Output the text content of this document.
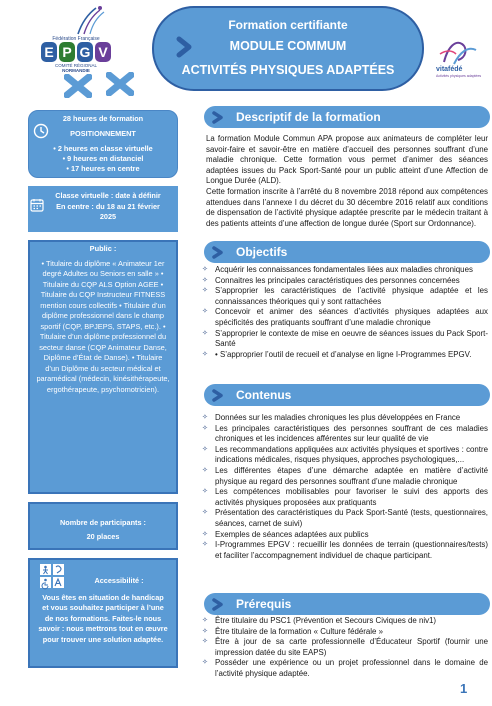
Fédération Française
E P G V
COMITÉ RÉGIONAL
NORMANDIE
Formation certifiante
MODULE COMMUM
ACTIVITÉS PHYSIQUES ADAPTÉES	vitafédé
Activités physiques adaptées
28 heures de formation
POSITIONNEMENT
• 2 heures en classe virtuelle
• 9 heures en distanciel
• 17 heures en centre
Classe virtuelle : date à définir
En centre : du 18 au 21 février
2025
Public :
• Titulaire du diplôme « Animateur 1er degré Adultes ou Seniors en salle » • Titulaire du CQP ALS Option AGEE • Titulaire du CQP Instructeur FITNESS mention cours collectifs • Titulaire d’un diplôme professionnel dans le champ sportif (CQP, BPJEPS, STAPS, etc.). • Titulaire d’un diplôme professionnel du secteur danse (CQP Animateur Danse, Diplôme d’État de Danse). • Titulaire d’un Diplôme du secteur médical et paramédical (médecin, kinésithérapeute, ergothérapeute, psychomotricien).
Nombre de participants :
20 places
Accessibilité :
Vous êtes en situation de handicap et vous souhaitez participer à l’une de nos formations. Faites-le nous savoir : nous mettrons tout en œuvre pour trouver une solution adaptée.
Descriptif de la formation
La formation Module Commun APA propose aux animateurs de compléter leur savoir-faire et savoir-être en matière d’accueil des personnes souffrant d’une maladie chronique. Cette formation vous permet d’animer des séances adaptées issues du Pack Sport-Santé pour un public atteint d’une Affection de Longue Durée (ALD).
Cette formation inscrite à l’arrêté du 8 novembre 2018 répond aux compétences attendues dans l’annexe I du décret du 30 décembre 2016 relatif aux conditions de dispensation de l’activité physique adaptée prescrite par le médecin traitant à des patients atteints d’une affection de longue durée (Sport sur Ordonnance).
Objectifs
✧ Acquérir les connaissances fondamentales liées aux maladies chroniques
✧ Connaitres les principales caractéristiques des personnes concernées
✧ S’approprier les caractéristiques de l’activité physique adaptée et les connaissances théoriques qui y sont rattachées
✧ Concevoir et animer des séances d’activités physiques adaptées aux spécificités des pratiquants souffrant d’une maladie chronique
✧ S’approprier le contexte de mise en oeuvre de séances issues du Pack Sport-Santé
✧ • S’approprier l’outil de recueil et d’analyse en ligne I-Programmes EPGV.
Contenus
✧ Données sur les maladies chroniques les plus développées en France
✧ Les principales caractéristiques des personnes souffrant de ces maladies chroniques et les incidences afférentes sur leur qualité de vie
✧ Les recommandations appliquées aux activités physiques et sportives : contre indications médicales, risques physiques, approches psychologiques,...
✧ Les différentes étapes d’une démarche adaptée en matière d’activité physique au regard des personnes souffrant d’une maladie chronique
✧ Les compétences mobilisables pour favoriser le suivi des apports des activités physiques proposées aux pratiquants
✧ Présentation des caractéristiques du Pack Sport-Santé (tests, questionnaires, séances, carnet de suivi)
✧ Exemples de séances adaptées aux publics
✧ I-Programmes EPGV : recueillir les données de terrain (questionnaires/tests) et faciliter l’accompagnement individuel de chaque participant.
Prérequis
✧ Être titulaire du PSC1 (Prévention et Secours Civiques de niv1)
✧ Être titulaire de la formation « Culture fédérale »
✧ Être à jour de sa carte professionnelle d’Éducateur Sportif (fournir une impression datée du site EAPS)
✧ Posséder une expérience ou un projet professionnel dans le domaine de l’activité physique adaptée.
1
